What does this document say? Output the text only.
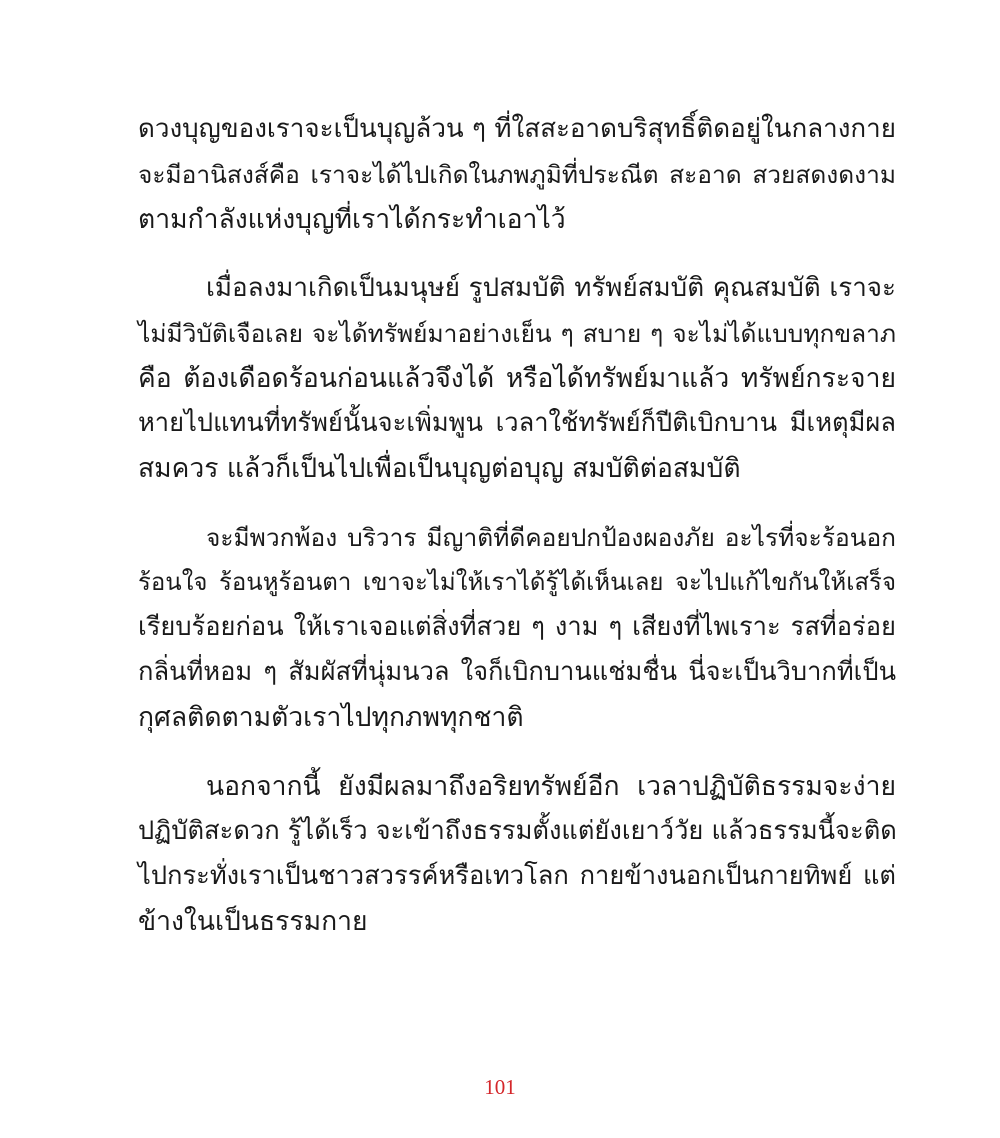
ดวงบุญของเราจะเป็นบุญล้วน ๆ ที่ใสสะอาดบริสุทธิ์ติดอยู่ในกลางกาย
จะมีอานิสงส์คือ เราจะได้ไปเกิดในภพภูมิที่ประณีต สะอาด สวยสดงดงาม
ตามกำลังแห่งบุญที่เราได้กระทำเอาไว้
เมื่อลงมาเกิดเป็นมนุษย์ รูปสมบัติ ทรัพย์สมบัติ คุณสมบัติ เราจะ
ไม่มีวิบัติเจือเลย จะได้ทรัพย์มาอย่างเย็น ๆ สบาย ๆ จะไม่ได้แบบทุกขลาภ
คือ ต้องเดือดร้อนก่อนแล้วจึงได้ หรือได้ทรัพย์มาแล้ว ทรัพย์กระจาย
หายไปแทนที่ทรัพย์นั้นจะเพิ่มพูน เวลาใช้ทรัพย์ก็ปีติเบิกบาน มีเหตุมีผล
สมควร แล้วก็เป็นไปเพื่อเป็นบุญต่อบุญ สมบัติต่อสมบัติ
จะมีพวกพ้อง บริวาร มีญาติที่ดีคอยปกป้องผองภัย อะไรที่จะร้อนอก
ร้อนใจ ร้อนหูร้อนตา เขาจะไม่ให้เราได้รู้ได้เห็นเลย จะไปแก้ไขกันให้เสร็จ
เรียบร้อยก่อน ให้เราเจอแต่สิ่งที่สวย ๆ งาม ๆ เสียงที่ไพเราะ รสที่อร่อย
กลิ่นที่หอม ๆ สัมผัสที่นุ่มนวล ใจก็เบิกบานแช่มชื่น นี่จะเป็นวิบากที่เป็น
กุศลติดตามตัวเราไปทุกภพทุกชาติ
นอกจากนี้ ยังมีผลมาถึงอริยทรัพย์อีก เวลาปฏิบัติธรรมจะง่าย
ปฏิบัติสะดวก รู้ได้เร็ว จะเข้าถึงธรรมตั้งแต่ยังเยาว์วัย แล้วธรรมนี้จะติด
ไปกระทั่งเราเป็นชาวสวรรค์หรือเทวโลก กายข้างนอกเป็นกายทิพย์ แต่
ข้างในเป็นธรรมกาย
101
